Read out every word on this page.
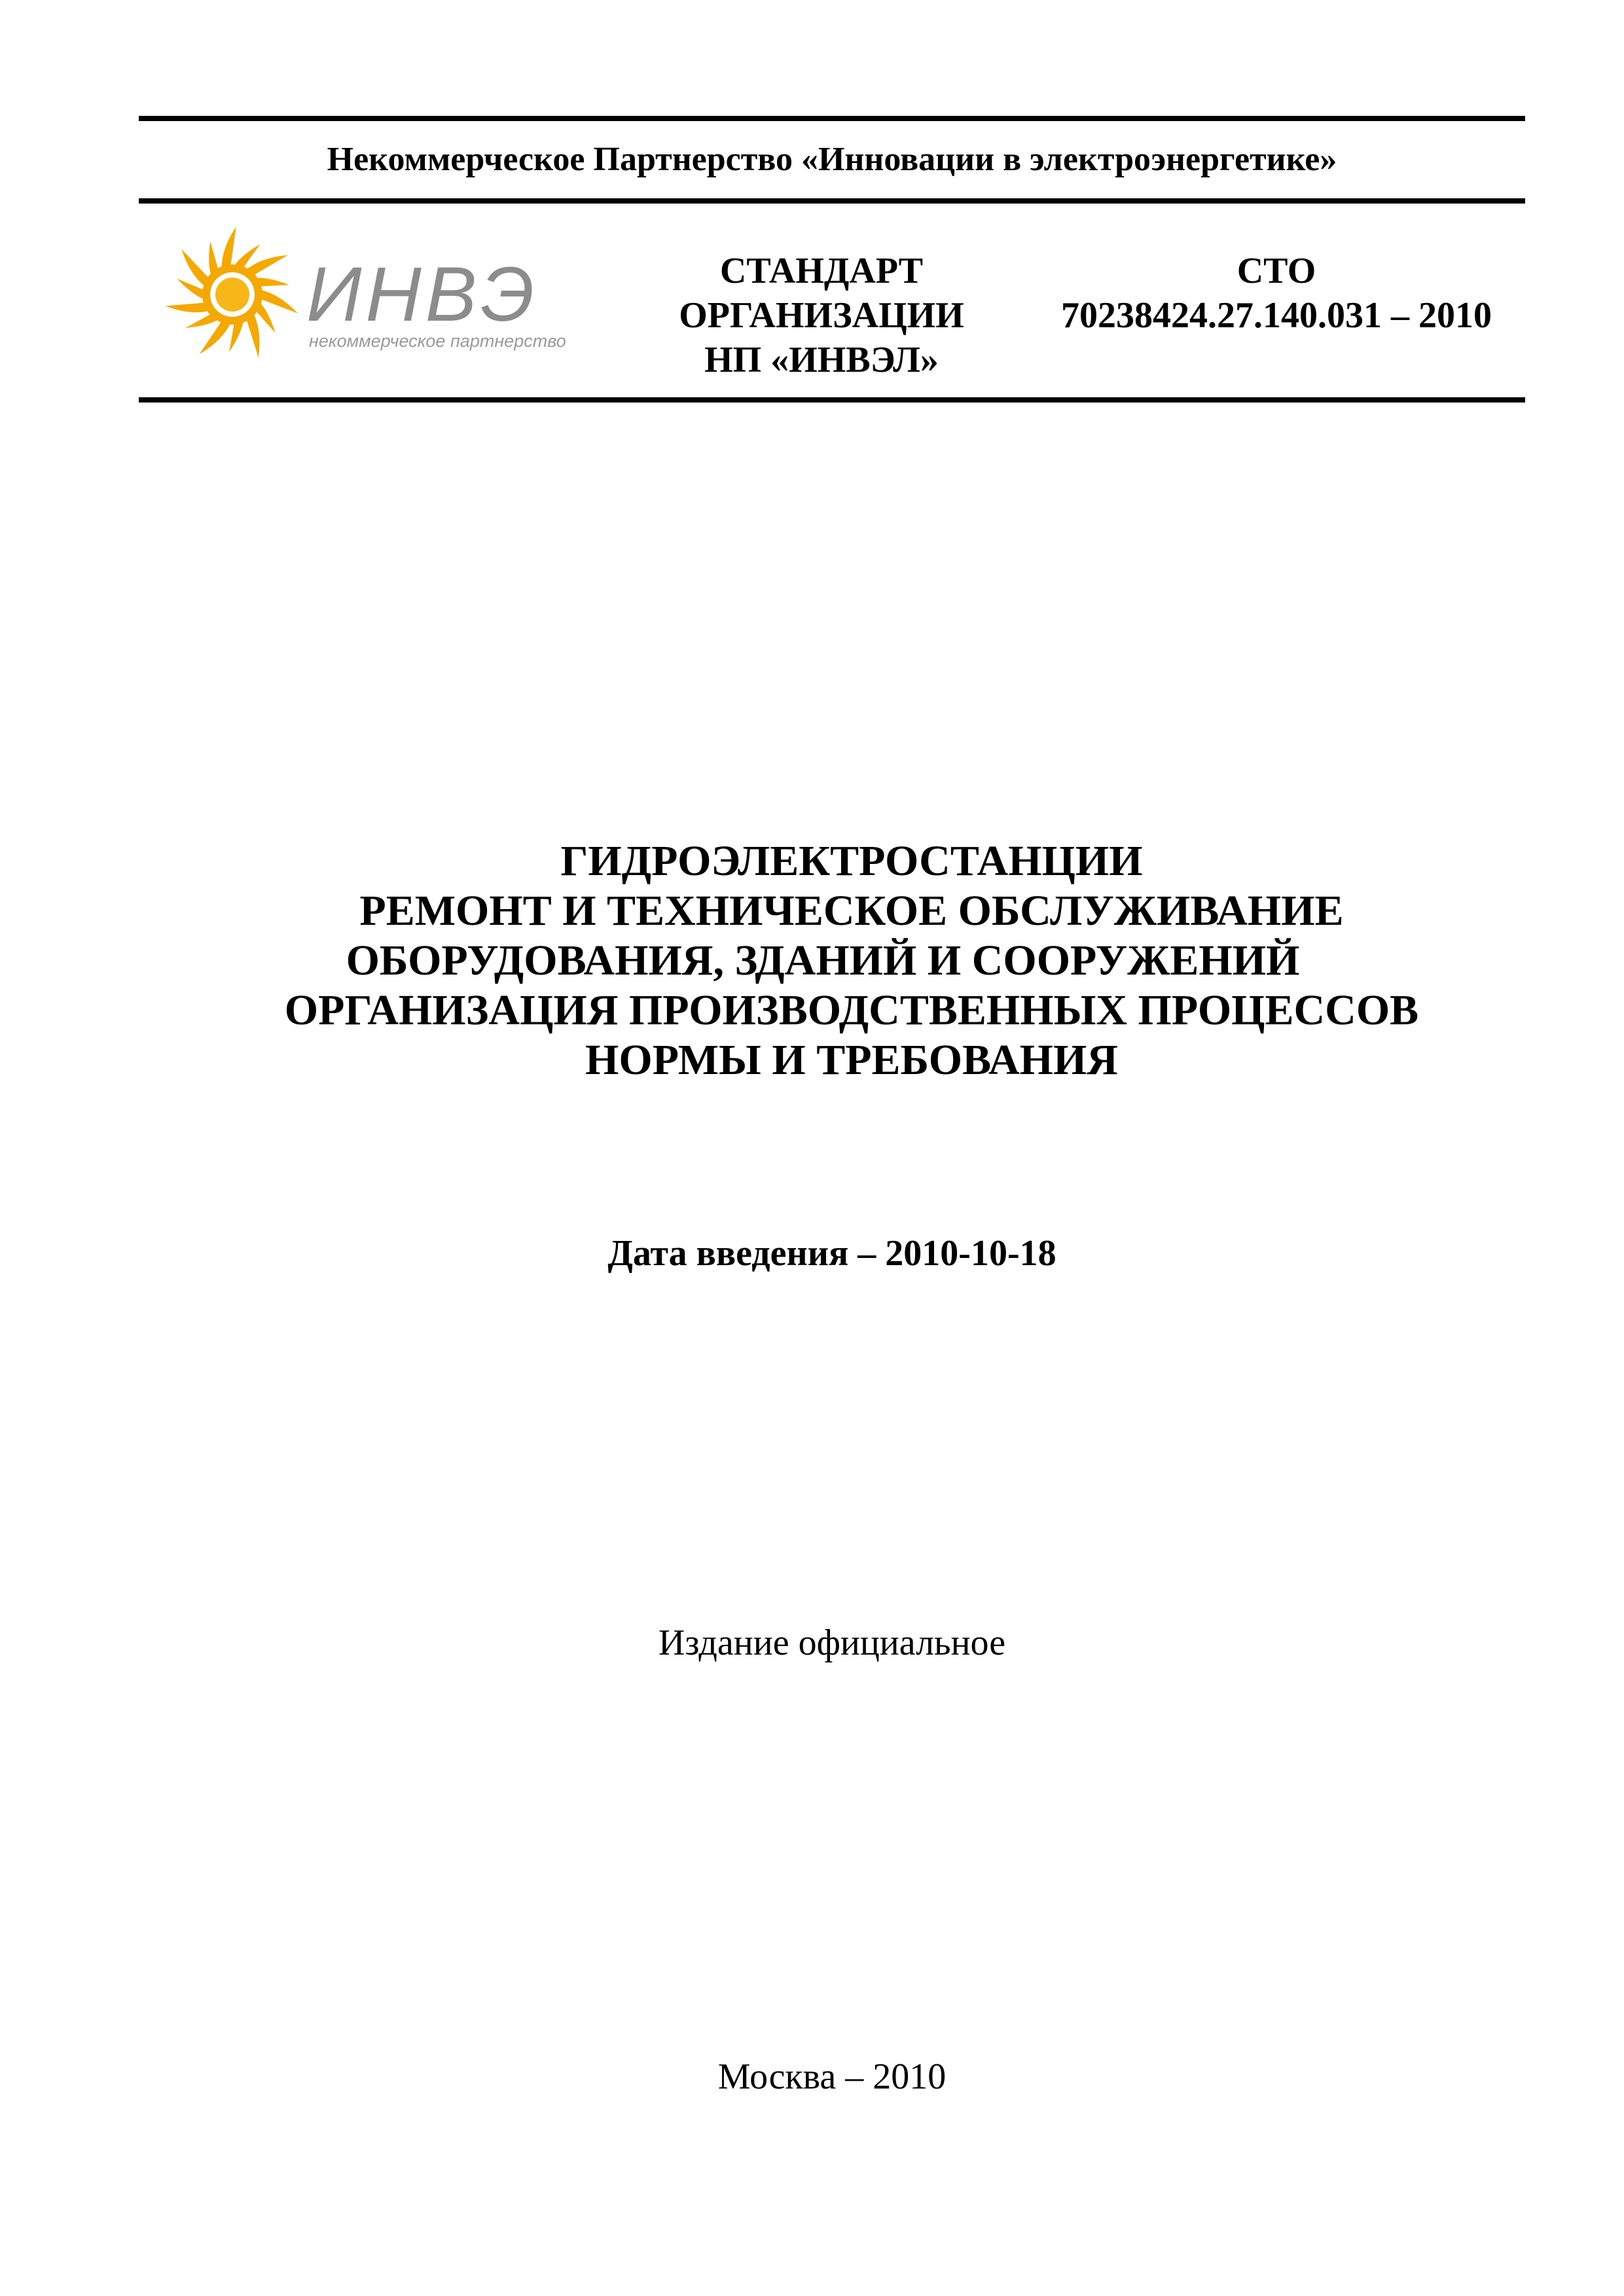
Некоммерческое Партнерство «Инновации в электроэнергетике»
ИНВЭ
некоммерческое партнерство
СТАНДАРТ
ОРГАНИЗАЦИИ
НП «ИНВЭЛ»
СТО
70238424.27.140.031 – 2010
ГИДРОЭЛЕКТРОСТАНЦИИ
РЕМОНТ И ТЕХНИЧЕСКОЕ ОБСЛУЖИВАНИЕ
ОБОРУДОВАНИЯ, ЗДАНИЙ И СООРУЖЕНИЙ
ОРГАНИЗАЦИЯ ПРОИЗВОДСТВЕННЫХ ПРОЦЕССОВ
НОРМЫ И ТРЕБОВАНИЯ
Дата введения – 2010-10-18
Издание официальное
Москва – 2010
